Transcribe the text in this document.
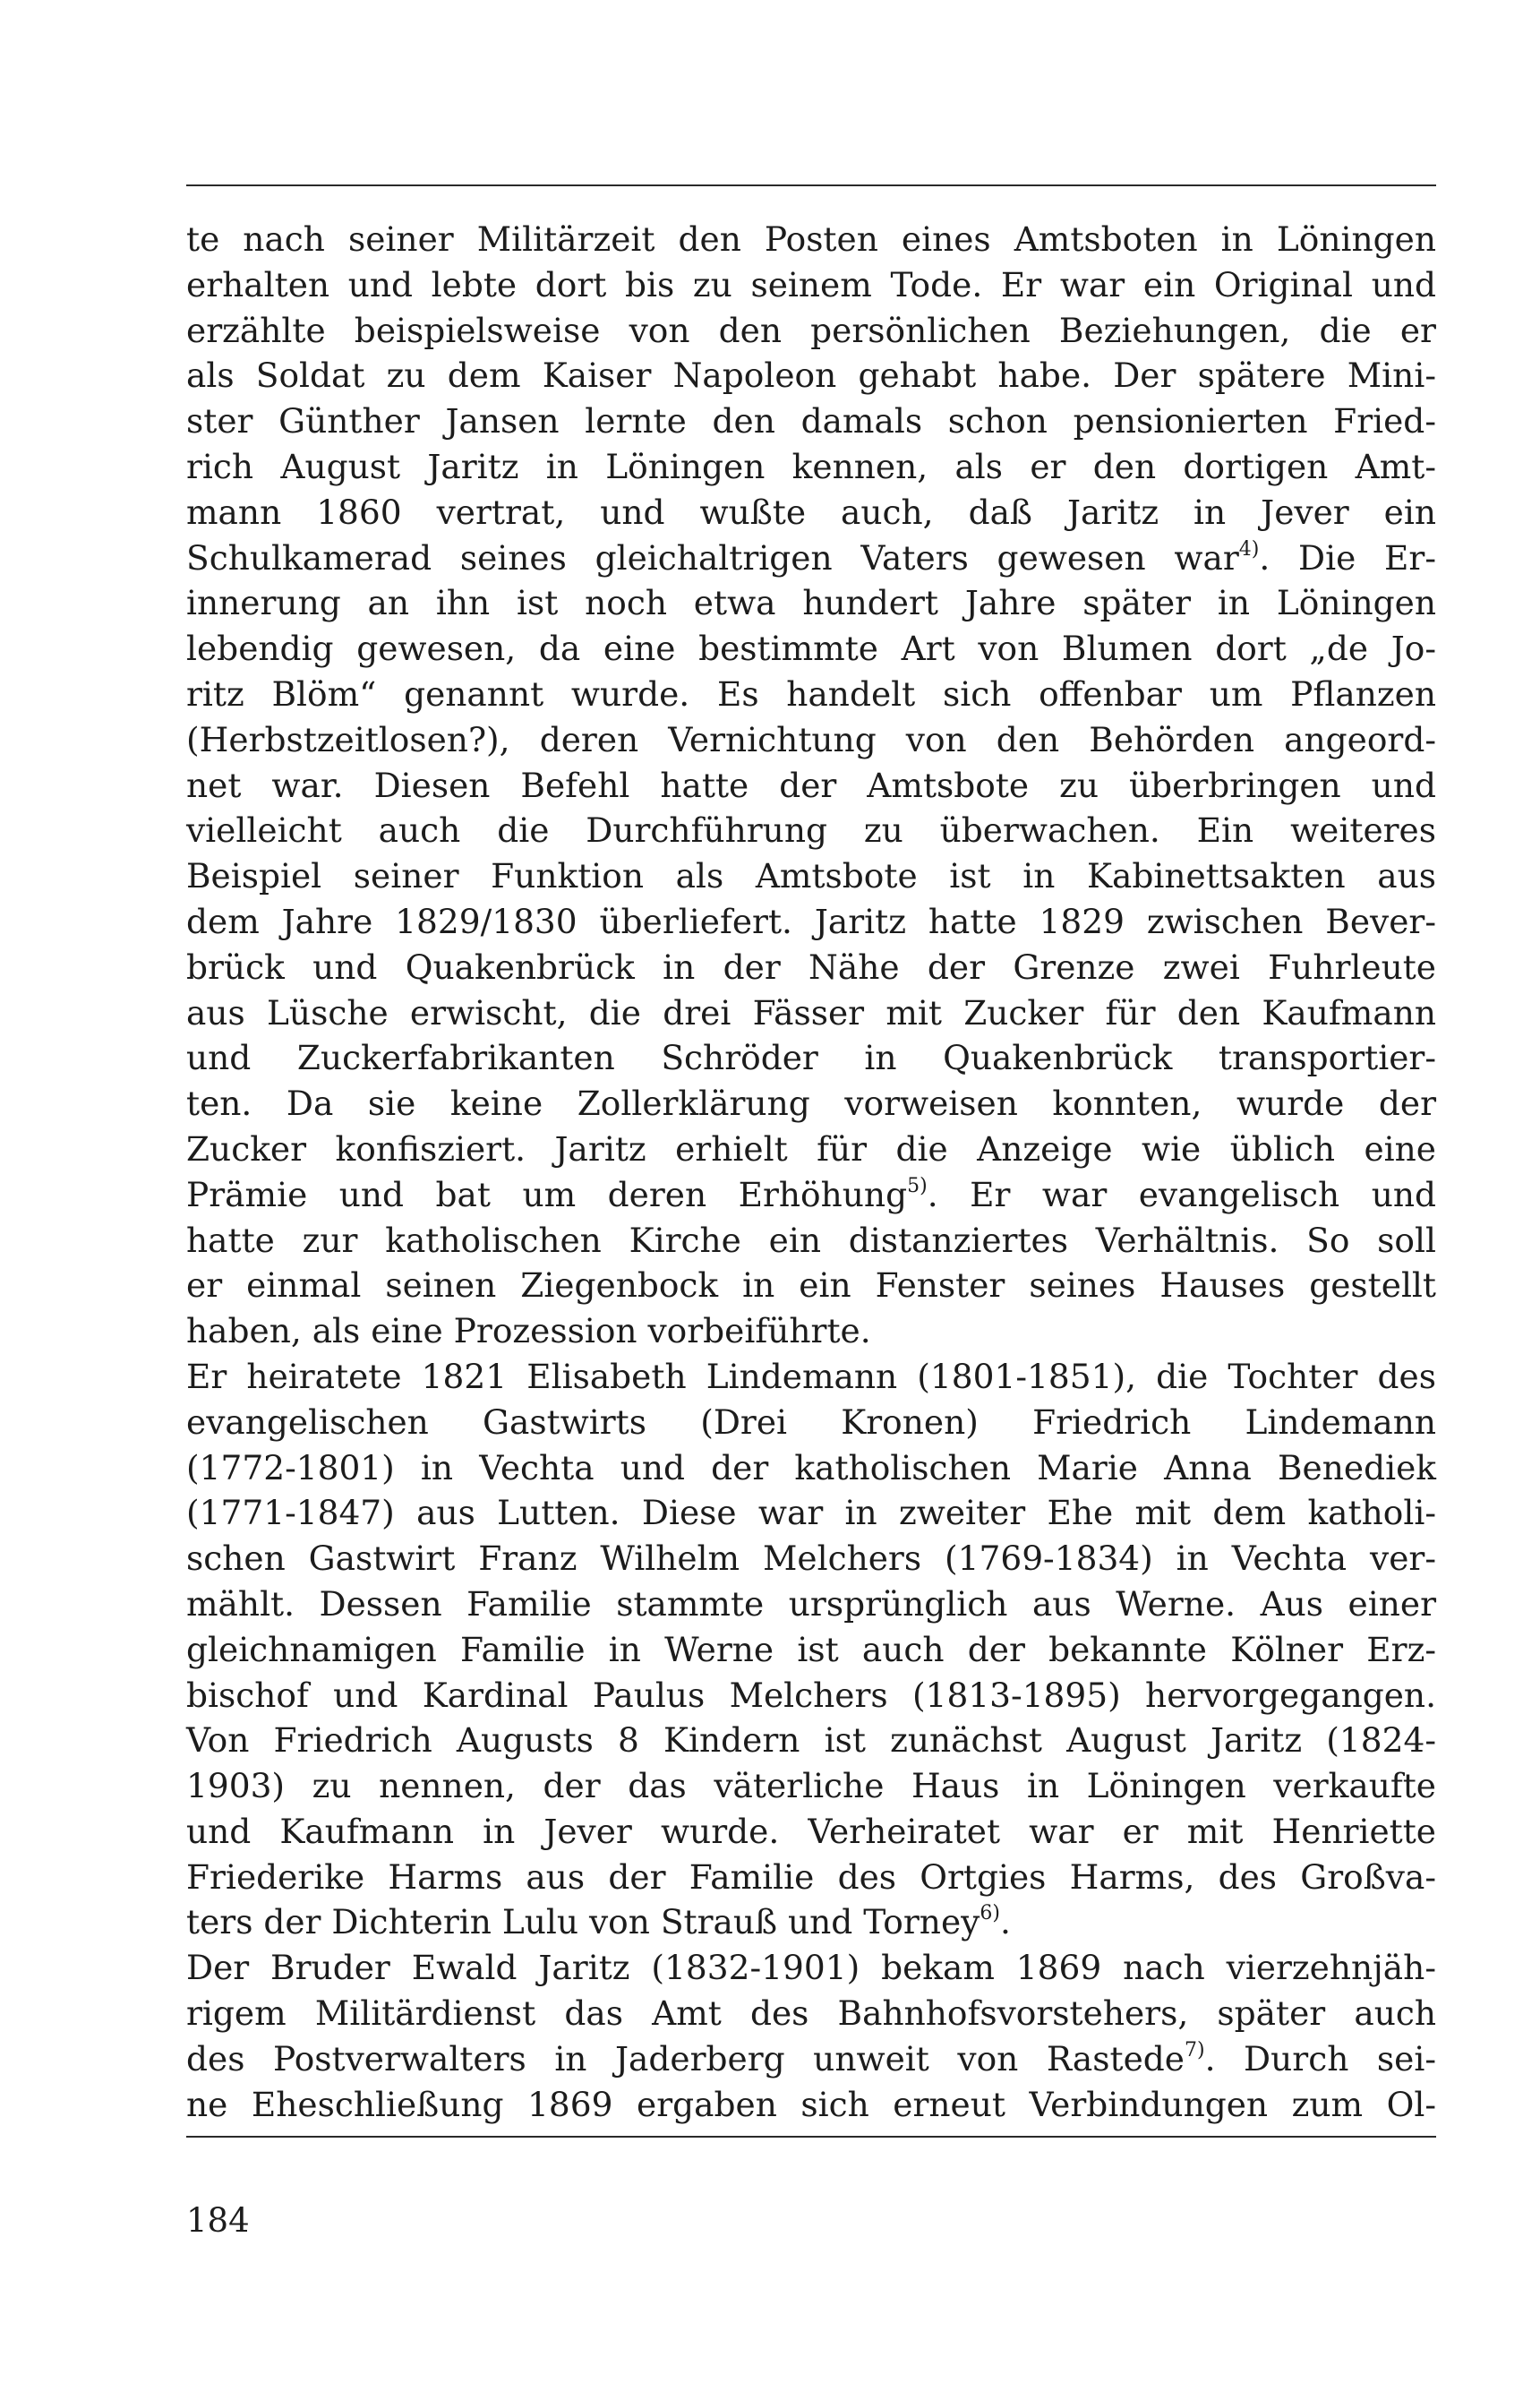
te nach seiner Militärzeit den Posten eines Amtsboten in Löningen
erhalten und lebte dort bis zu seinem Tode. Er war ein Original und
erzählte beispielsweise von den persönlichen Beziehungen, die er
als Soldat zu dem Kaiser Napoleon gehabt habe. Der spätere Mini-
ster Günther Jansen lernte den damals schon pensionierten Fried-
rich August Jaritz in Löningen kennen, als er den dortigen Amt-
mann 1860 vertrat, und wußte auch, daß Jaritz in Jever ein
Schulkamerad seines gleichaltrigen Vaters gewesen war$^{4)}$. Die Er-
innerung an ihn ist noch etwa hundert Jahre später in Löningen
lebendig gewesen, da eine bestimmte Art von Blumen dort „de Jo-
ritz Blöm“ genannt wurde. Es handelt sich offenbar um Pflanzen
(Herbstzeitlosen?), deren Vernichtung von den Behörden angeord-
net war. Diesen Befehl hatte der Amtsbote zu überbringen und
vielleicht auch die Durchführung zu überwachen. Ein weiteres
Beispiel seiner Funktion als Amtsbote ist in Kabinettsakten aus
dem Jahre 1829/1830 überliefert. Jaritz hatte 1829 zwischen Bever-
brück und Quakenbrück in der Nähe der Grenze zwei Fuhrleute
aus Lüsche erwischt, die drei Fässer mit Zucker für den Kaufmann
und Zuckerfabrikanten Schröder in Quakenbrück transportier-
ten. Da sie keine Zollerklärung vorweisen konnten, wurde der
Zucker konfisziert. Jaritz erhielt für die Anzeige wie üblich eine
Prämie und bat um deren Erhöhung$^{5)}$. Er war evangelisch und
hatte zur katholischen Kirche ein distanziertes Verhältnis. So soll
er einmal seinen Ziegenbock in ein Fenster seines Hauses gestellt
haben, als eine Prozession vorbeiführte.
Er heiratete 1821 Elisabeth Lindemann (1801-1851), die Tochter des
evangelischen Gastwirts (Drei Kronen) Friedrich Lindemann
(1772-1801) in Vechta und der katholischen Marie Anna Benediek
(1771-1847) aus Lutten. Diese war in zweiter Ehe mit dem katholi-
schen Gastwirt Franz Wilhelm Melchers (1769-1834) in Vechta ver-
mählt. Dessen Familie stammte ursprünglich aus Werne. Aus einer
gleichnamigen Familie in Werne ist auch der bekannte Kölner Erz-
bischof und Kardinal Paulus Melchers (1813-1895) hervorgegangen.
Von Friedrich Augusts 8 Kindern ist zunächst August Jaritz (1824-
1903) zu nennen, der das väterliche Haus in Löningen verkaufte
und Kaufmann in Jever wurde. Verheiratet war er mit Henriette
Friederike Harms aus der Familie des Ortgies Harms, des Großva-
ters der Dichterin Lulu von Strauß und Torney$^{6)}$.
Der Bruder Ewald Jaritz (1832-1901) bekam 1869 nach vierzehnjäh-
rigem Militärdienst das Amt des Bahnhofsvorstehers, später auch
des Postverwalters in Jaderberg unweit von Rastede$^{7)}$. Durch sei-
ne Eheschließung 1869 ergaben sich erneut Verbindungen zum Ol-
184
